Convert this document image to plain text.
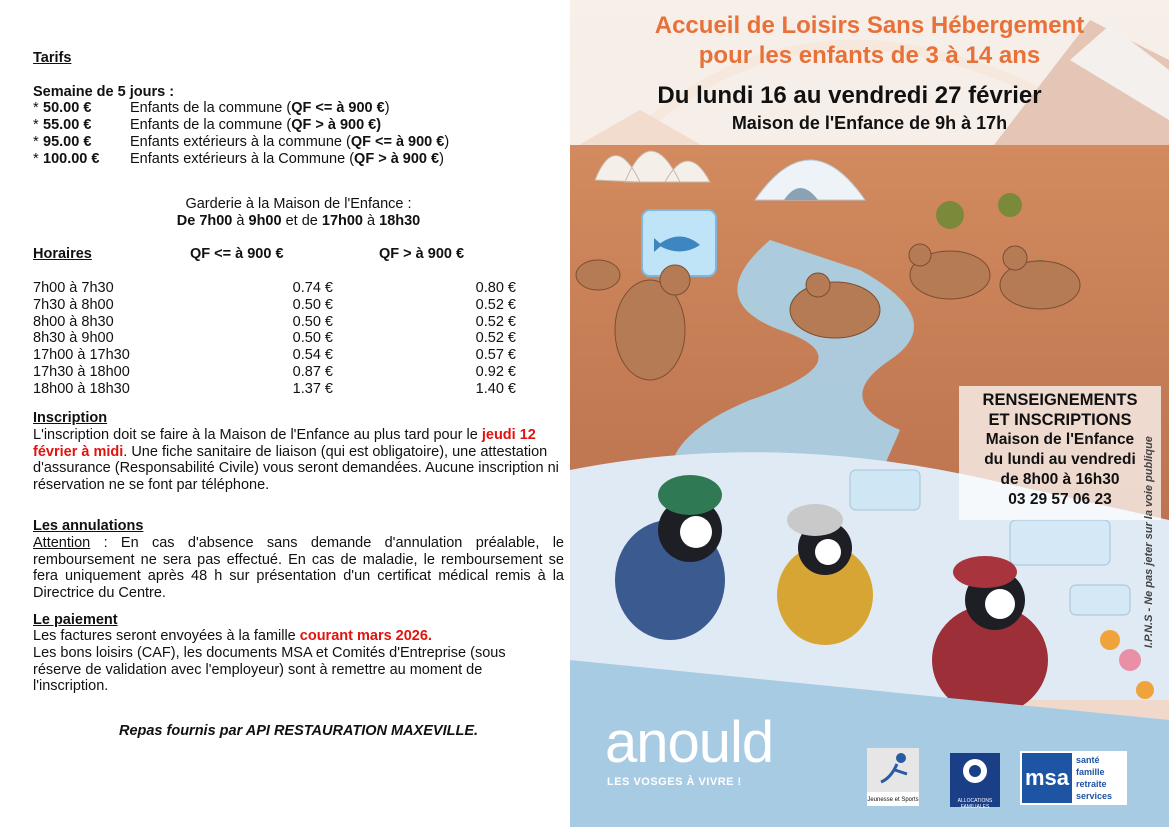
Tarifs
Semaine de 5 jours :
* 50.00 €	Enfants de la commune (QF <= à 900 €)
* 55.00 €	Enfants de la commune (QF > à 900 €)
* 95.00 €	Enfants extérieurs à la commune (QF <= à 900 €)
* 100.00 € Enfants extérieurs à la Commune (QF > à 900 €)
Garderie à la Maison de l'Enfance :
De 7h00 à 9h00 et de 17h00 à 18h30
Horaires	QF <= à 900 €	QF > à 900 €
7h00 à 7h30	0.74 €	0.80 €
7h30 à 8h00	0.50 €	0.52 €
8h00 à 8h30	0.50 €	0.52 €
8h30 à 9h00	0.50 €	0.52 €
17h00 à 17h30	0.54 €	0.57 €
17h30 à 18h00	0.87 €	0.92 €
18h00 à 18h30	1.37 €	1.40 €
Inscription
L'inscription doit se faire à la Maison de l'Enfance au plus tard pour le jeudi 12 février à midi. Une fiche sanitaire de liaison (qui est obligatoire), une attestation d'assurance (Responsabilité Civile) vous seront demandées. Aucune inscription ni réservation ne se font par téléphone.
Les annulations
Attention : En cas d'absence sans demande d'annulation préalable, le remboursement ne sera pas effectué. En cas de maladie, le remboursement se fera uniquement après 48 h sur présentation d'un certificat médical remis à la Directrice du Centre.
Le paiement
Les factures seront envoyées à la famille courant mars 2026.
Les bons loisirs (CAF), les documents MSA et Comités d'Entreprise (sous réserve de validation avec l'employeur) sont à remettre au moment de l'inscription.
Repas fournis par API RESTAURATION MAXEVILLE.
Accueil de Loisirs Sans Hébergement
pour les enfants de 3 à 14 ans
Du lundi 16 au vendredi 27 février
Maison de l'Enfance de 9h à 17h
RENSEIGNEMENTS
ET INSCRIPTIONS
Maison de l'Enfance
du lundi au vendredi
de 8h00 à 16h30
03 29 57 06 23
anould
LES VOSGES À VIVRE !
Jeunesse et Sports	ALLOCATIONS FAMILIALES
msa
santé
famille
retraite
services
